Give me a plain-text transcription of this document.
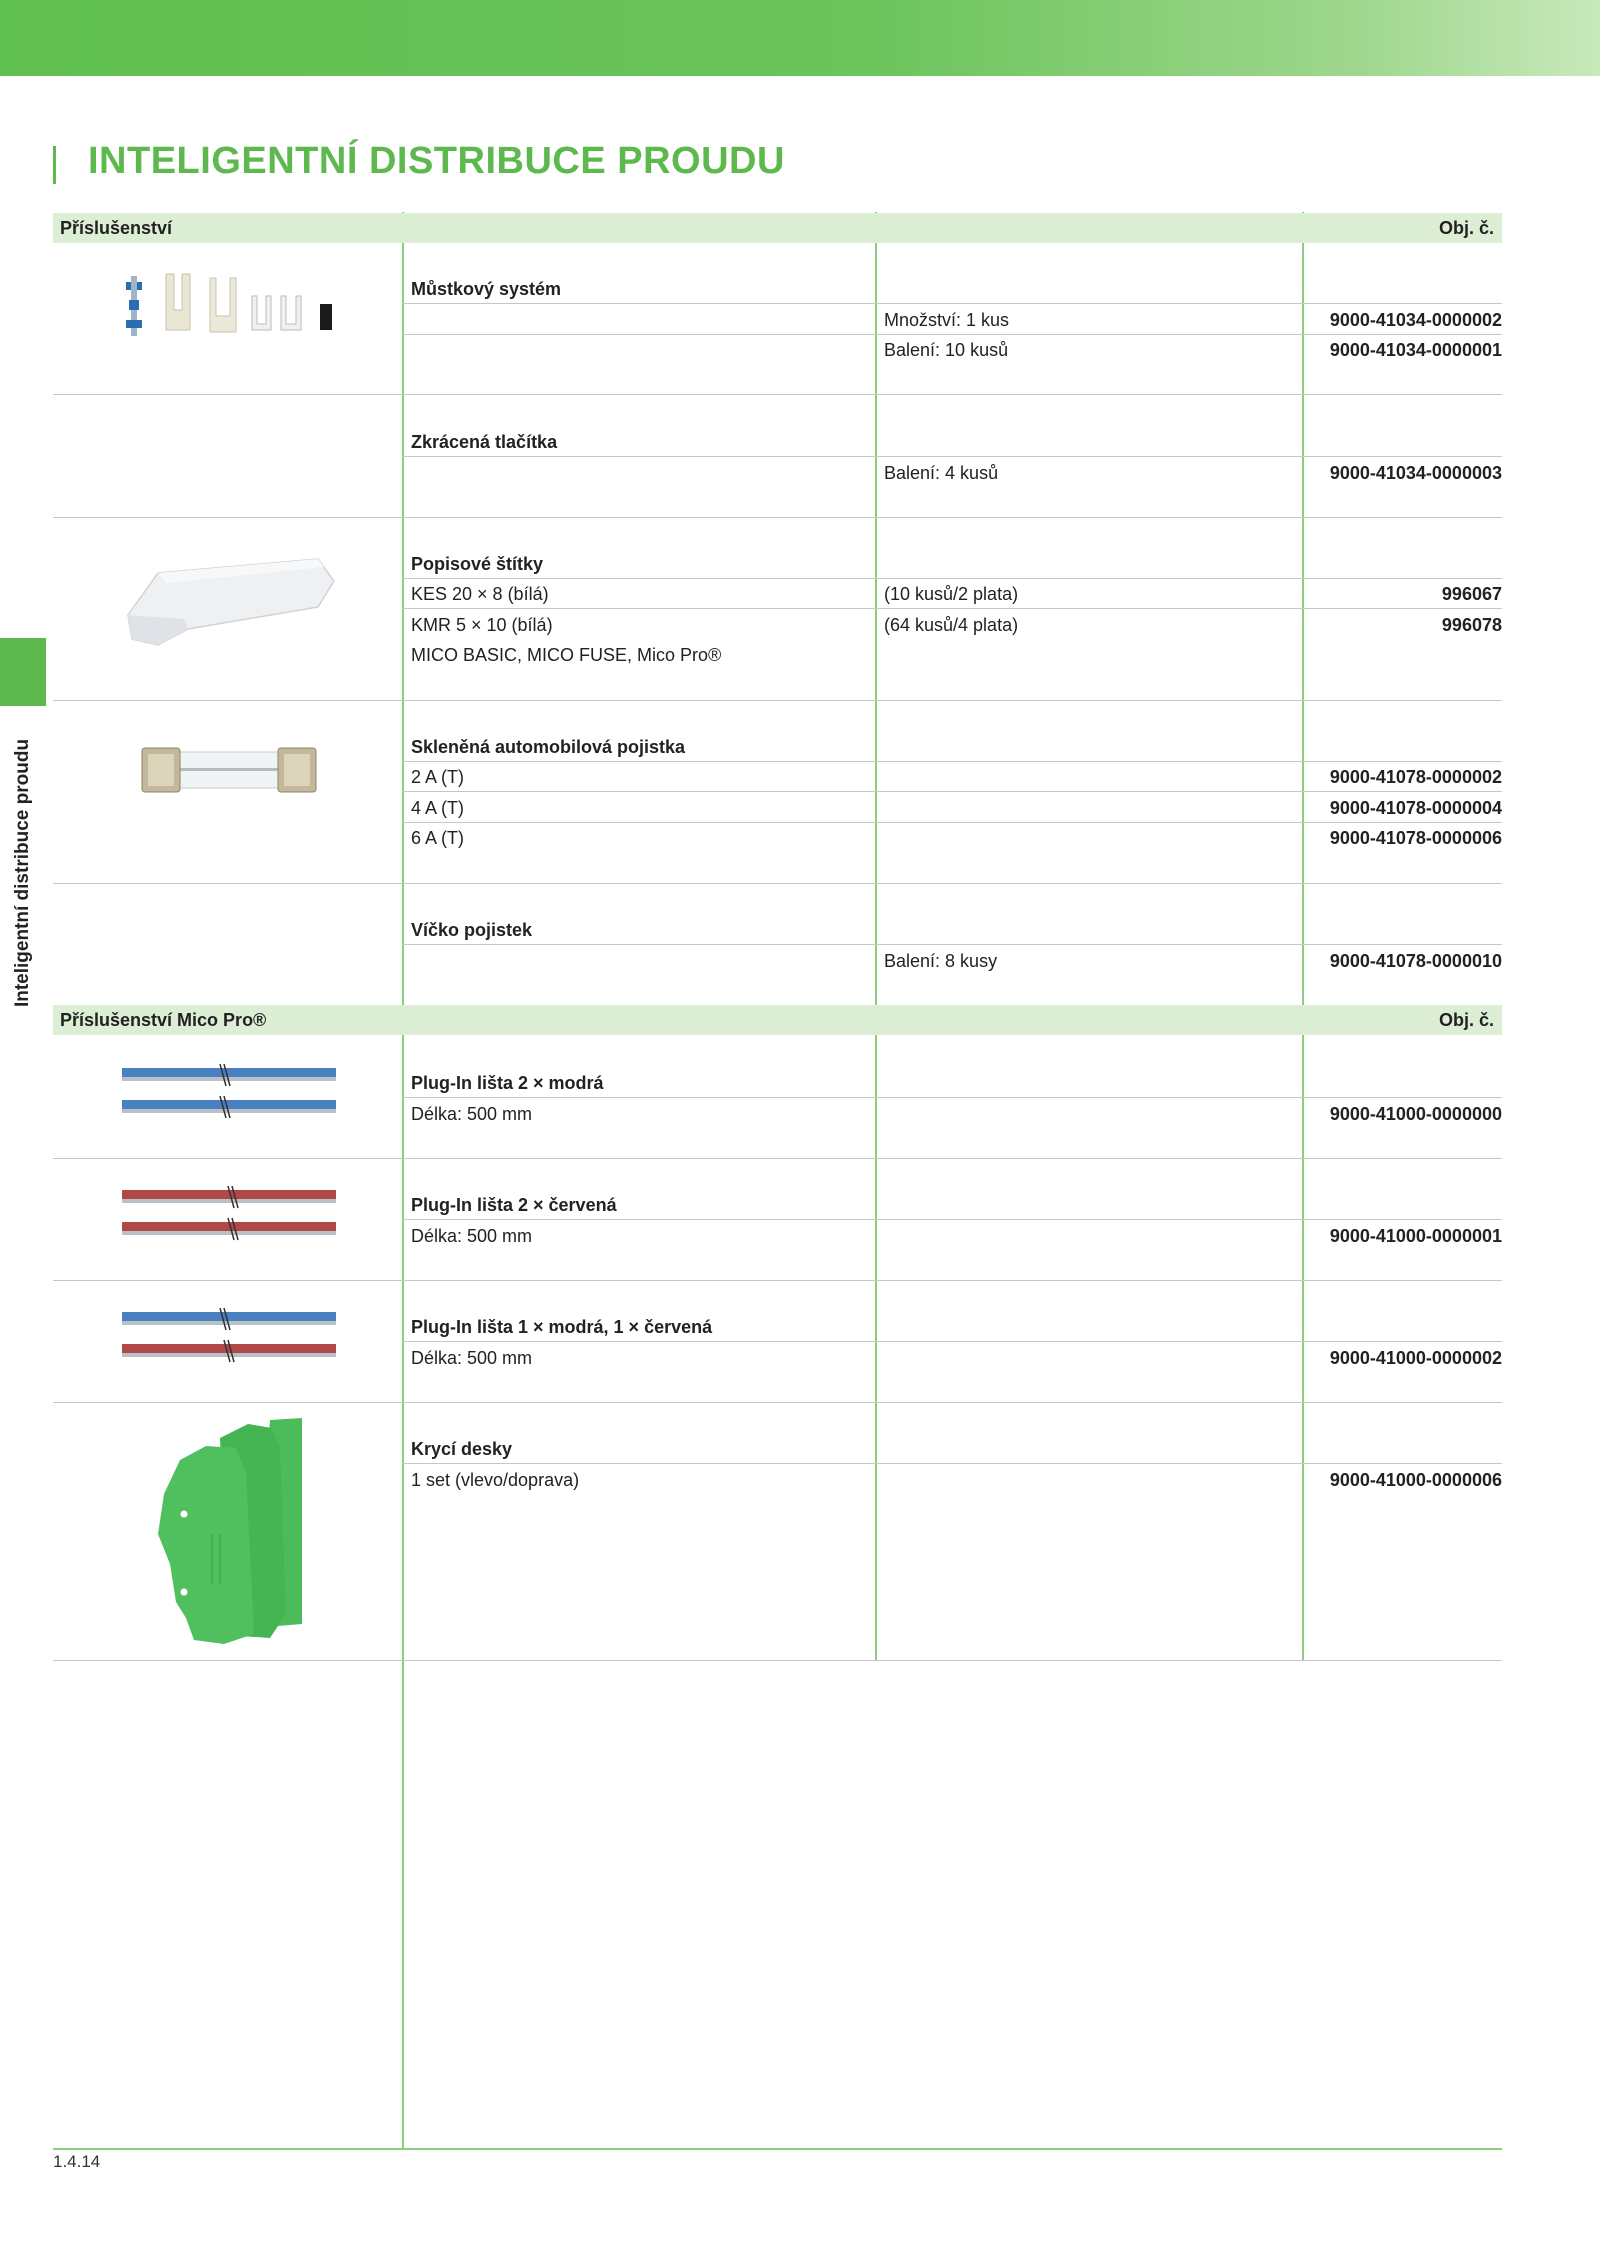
INTELIGENTNÍ DISTRIBUCE PROUDU
Inteligentní distribuce proudu
Příslušenství	Obj. č.
Můstkový systém
Množství: 1 kus	9000-41034-0000002
Balení: 10 kusů	9000-41034-0000001
Zkrácená tlačítka
Balení: 4 kusů	9000-41034-0000003
Popisové štítky
KES 20 × 8 (bílá)	(10 kusů/2 plata)	996067
KMR 5 × 10 (bílá)	(64 kusů/4 plata)	996078
MICO BASIC, MICO FUSE, Mico Pro®
Skleněná automobilová pojistka
2 A (T)	9000-41078-0000002
4 A (T)	9000-41078-0000004
6 A (T)	9000-41078-0000006
Víčko pojistek
Balení: 8 kusy	9000-41078-0000010
Příslušenství Mico Pro®	Obj. č.
Plug-In lišta 2 × modrá
Délka: 500 mm	9000-41000-0000000
Plug-In lišta 2 × červená
Délka: 500 mm	9000-41000-0000001
Plug-In lišta 1 × modrá, 1 × červená
Délka: 500 mm	9000-41000-0000002
Krycí desky
1 set (vlevo/doprava)	9000-41000-0000006
1.4.14
